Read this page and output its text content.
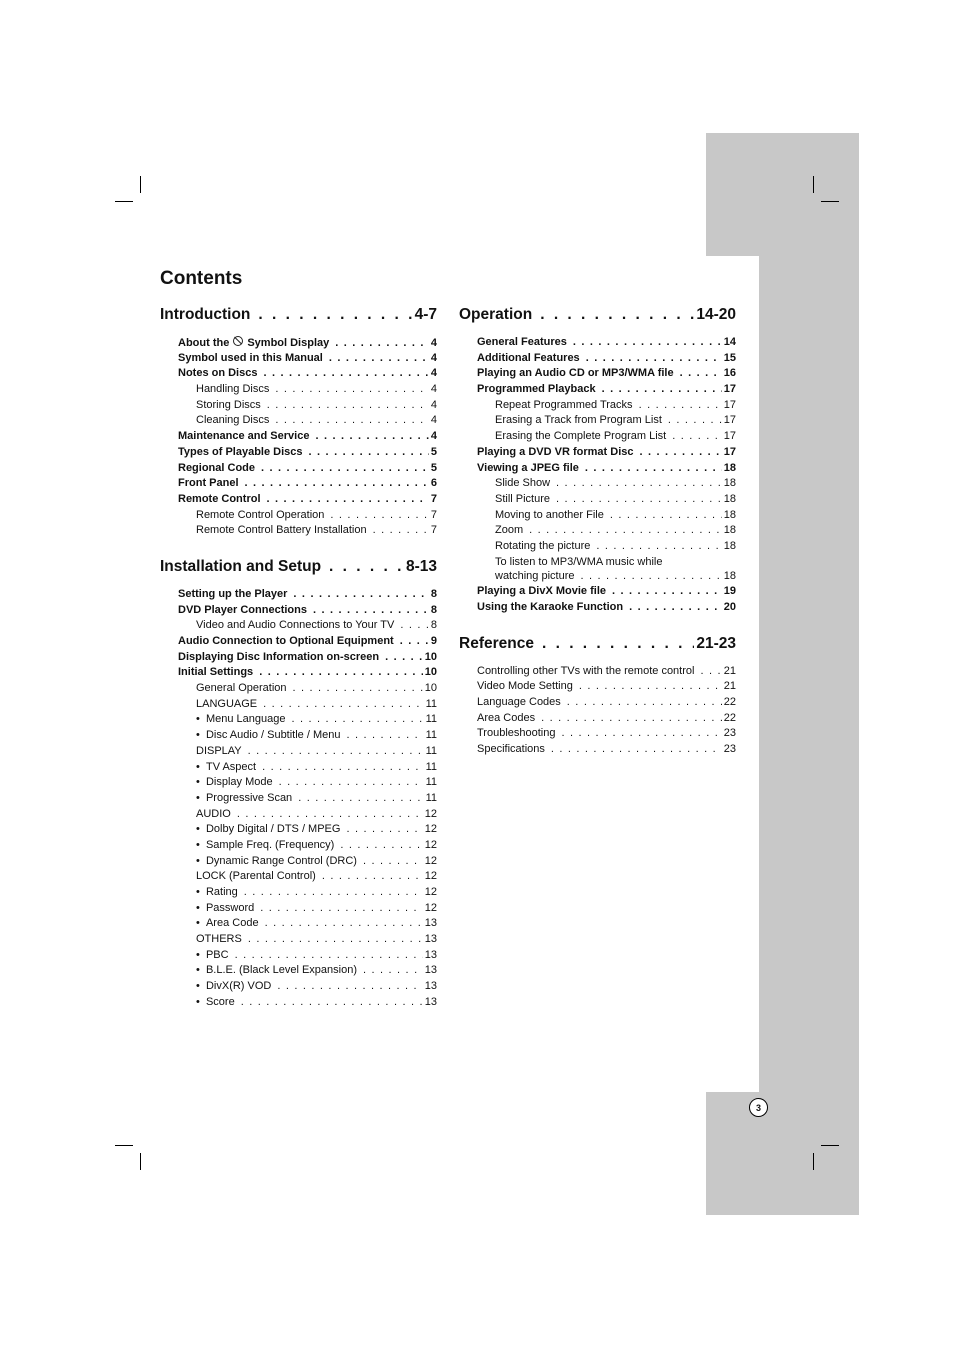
Contents
Introduction . . .	4-7
About the Symbol Display . . .	4
Symbol used in this Manual . . .	4
Notes on Discs . . .	4
Handling Discs . . .	4
Storing Discs . . .	4
Cleaning Discs . . .	4
Maintenance and Service . . .	4
Types of Playable Discs . . .	5
Regional Code . . .	5
Front Panel . . .	6
Remote Control . . .	7
Remote Control Operation . . .	7
Remote Control Battery Installation . . .	7
Installation and Setup . . .	8-13
Setting up the Player . . .	8
DVD Player Connections . . .	8
Video and Audio Connections to Your TV . . .	8
Audio Connection to Optional Equipment . . .	9
Displaying Disc Information on-screen . . .	10
Initial Settings . . .	10
General Operation . . .	10
LANGUAGE . . .	11
•  Menu Language . . .	11
•  Disc Audio / Subtitle / Menu . . .	11
DISPLAY . . .	11
•  TV Aspect . . .	11
•  Display Mode . . .	11
•  Progressive Scan . . .	11
AUDIO . . .	12
•  Dolby Digital / DTS / MPEG . . .	12
•  Sample Freq. (Frequency) . . .	12
•  Dynamic Range Control (DRC) . . .	12
LOCK (Parental Control) . . .	12
•  Rating . . .	12
•  Password . . .	12
•  Area Code . . .	13
OTHERS . . .	13
•  PBC . . .	13
•  B.L.E. (Black Level Expansion) . . .	13
•  DivX(R) VOD . . .	13
•  Score . . .	13
Operation . . .	14-20
General Features . . .	14
Additional Features . . .	15
Playing an Audio CD or MP3/WMA file . . .	16
Programmed Playback . . .	17
Repeat Programmed Tracks . . .	17
Erasing a Track from Program List . . .	17
Erasing the Complete Program List . . .	17
Playing a DVD VR format Disc . . .	17
Viewing a JPEG file . . .	18
Slide Show . . .	18
Still Picture . . .	18
Moving to another File . . .	18
Zoom . . .	18
Rotating the picture . . .	18
To listen to MP3/WMA music while
watching picture . . .	18
Playing a DivX Movie file . . .	19
Using the Karaoke Function . . .	20
Reference . . .	21-23
Controlling other TVs with the remote control . . .	21
Video Mode Setting . . .	21
Language Codes . . .	22
Area Codes . . .	22
Troubleshooting . . .	23
Specifications . . .	23
3
